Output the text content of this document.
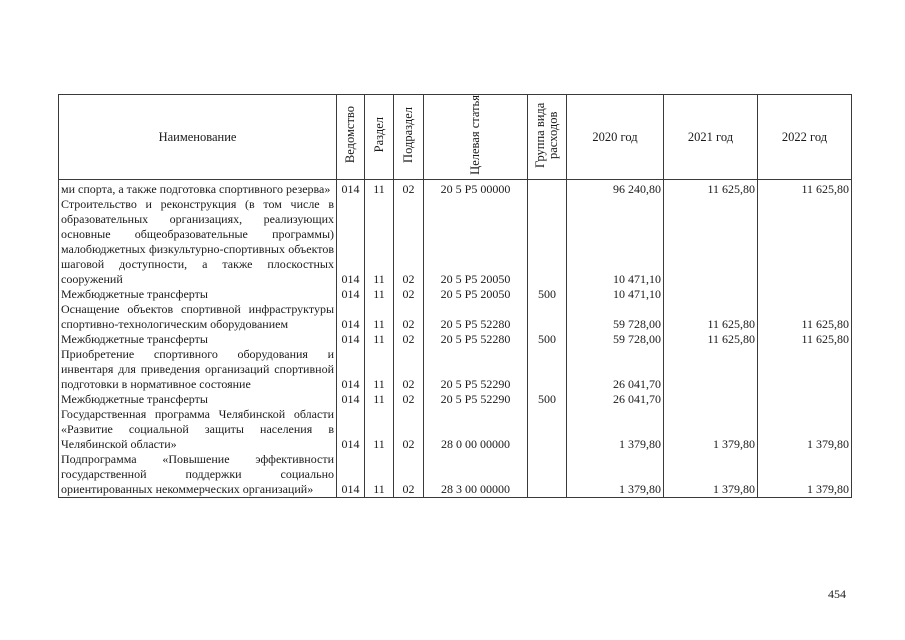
Наименование	Ведомство	Раздел	Подраздел	Целевая статья	Группа вида расходов	2020 год	2021 год	2022 год
ми спорта, а также подготовка спортивного резерва»	014	11	02	20 5 P5 00000		96 240,80	11 625,80	11 625,80
Строительство и реконструкция (в том числе в образовательных организациях, реализующих основные общеобразовательные программы) малобюджетных физкультурно-спортивных объектов шаговой доступности, а также плоскостных сооружений	014	11	02	20 5 P5 20050		10 471,10		
Межбюджетные трансферты	014	11	02	20 5 P5 20050	500	10 471,10		
Оснащение объектов спортивной инфраструктуры спортивно-технологическим оборудованием	014	11	02	20 5 P5 52280		59 728,00	11 625,80	11 625,80
Межбюджетные трансферты	014	11	02	20 5 P5 52280	500	59 728,00	11 625,80	11 625,80
Приобретение спортивного оборудования и инвентаря для приведения организаций спортивной подготовки в нормативное состояние	014	11	02	20 5 P5 52290		26 041,70		
Межбюджетные трансферты	014	11	02	20 5 P5 52290	500	26 041,70		
Государственная программа Челябинской области «Развитие социальной защиты населения в Челябинской области»	014	11	02	28 0 00 00000		1 379,80	1 379,80	1 379,80
Подпрограмма «Повышение эффективности государственной поддержки социально ориентированных некоммерческих организаций»	014	11	02	28 3 00 00000		1 379,80	1 379,80	1 379,80
454
